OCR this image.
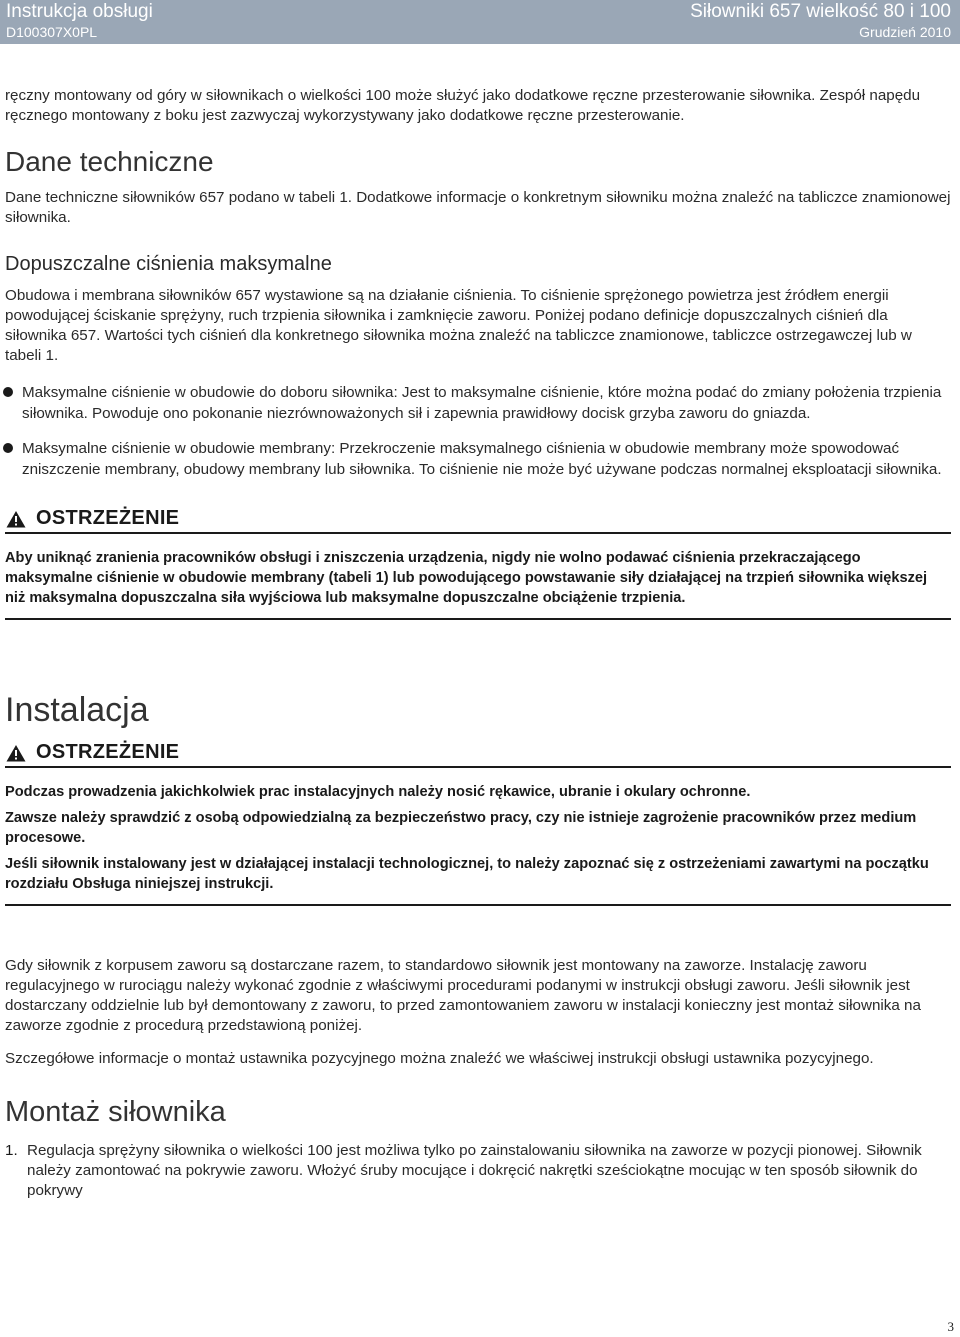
Instrukcja obsługi
D100307X0PL
Siłowniki 657 wielkość 80 i 100
Grudzień 2010

ręczny montowany od góry w siłownikach o wielkości 100 może służyć jako dodatkowe ręczne przesterowanie siłownika. Zespół napędu ręcznego montowany z boku jest zazwyczaj wykorzystywany jako dodatkowe ręczne przesterowanie.

Dane techniczne

Dane techniczne siłowników 657 podano w tabeli 1. Dodatkowe informacje o konkretnym siłowniku można znaleźć na tabliczce znamionowej siłownika.

Dopuszczalne ciśnienia maksymalne

Obudowa i membrana siłowników 657 wystawione są na działanie ciśnienia. To ciśnienie sprężonego powietrza jest źródłem energii powodującej ściskanie sprężyny, ruch trzpienia siłownika i zamknięcie zaworu. Poniżej podano definicje dopuszczalnych ciśnień dla siłownika 657. Wartości tych ciśnień dla konkretnego siłownika można znaleźć na tabliczce znamionowe, tabliczce ostrzegawczej lub w tabeli 1.

Maksymalne ciśnienie w obudowie do doboru siłownika: Jest to maksymalne ciśnienie, które można podać do zmiany położenia trzpienia siłownika. Powoduje ono pokonanie niezrównoważonych sił i zapewnia prawidłowy docisk grzyba zaworu do gniazda.

Maksymalne ciśnienie w obudowie membrany: Przekroczenie maksymalnego ciśnienia w obudowie membrany może spowodować zniszczenie membrany, obudowy membrany lub siłownika. To ciśnienie nie może być używane podczas normalnej eksploatacji siłownika.

OSTRZEŻENIE

Aby uniknąć zranienia pracowników obsługi i zniszczenia urządzenia, nigdy nie wolno podawać ciśnienia przekraczającego maksymalne ciśnienie w obudowie membrany (tabeli 1) lub powodującego powstawanie siły działającej na trzpień siłownika większej niż maksymalna dopuszczalna siła wyjściowa lub maksymalne dopuszczalne obciążenie trzpienia.

Instalacja
OSTRZEŻENIE

Podczas prowadzenia jakichkolwiek prac instalacyjnych należy nosić rękawice, ubranie i okulary ochronne.

Zawsze należy sprawdzić z osobą odpowiedzialną za bezpieczeństwo pracy, czy nie istnieje zagrożenie pracowników przez medium procesowe.

Jeśli siłownik instalowany jest w działającej instalacji technologicznej, to należy zapoznać się z ostrzeżeniami zawartymi na początku rozdziału Obsługa niniejszej instrukcji.

Gdy siłownik z korpusem zaworu są dostarczane razem, to standardowo siłownik jest montowany na zaworze. Instalację zaworu regulacyjnego w rurociągu należy wykonać zgodnie z właściwymi procedurami podanymi w instrukcji obsługi zaworu. Jeśli siłownik jest dostarczany oddzielnie lub był demontowany z zaworu, to przed zamontowaniem zaworu w instalacji konieczny jest montaż siłownika na zaworze zgodnie z procedurą przedstawioną poniżej.

Szczegółowe informacje o montaż ustawnika pozycyjnego można znaleźć we właściwej instrukcji obsługi ustawnika pozycyjnego.

Montaż siłownika
1. Regulacja sprężyny siłownika o wielkości 100 jest możliwa tylko po zainstalowaniu siłownika na zaworze w pozycji pionowej. Siłownik należy zamontować na pokrywie zaworu. Włożyć śruby mocujące i dokręcić nakrętki sześciokątne mocując w ten sposób siłownik do pokrywy

3
